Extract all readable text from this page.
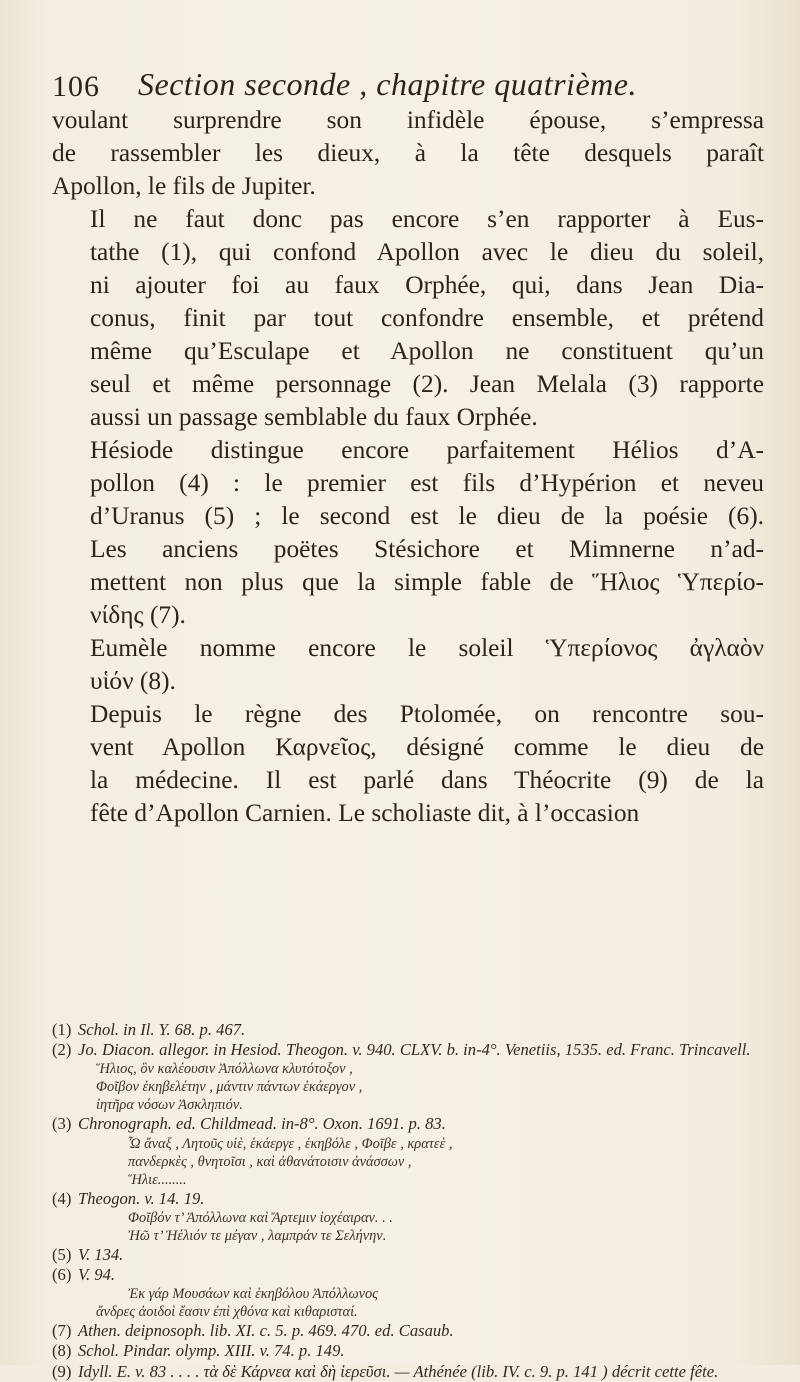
106 Section seconde , chapitre quatrième.

voulant surprendre son infidèle épouse, s’empressa
de rassembler les dieux, à la tête desquels paraît
Apollon, le fils de Jupiter.

Il ne faut donc pas encore s’en rapporter à Eus-
tathe (1), qui confond Apollon avec le dieu du soleil,
ni ajouter foi au faux Orphée, qui, dans Jean Dia-
conus, finit par tout confondre ensemble, et prétend
même qu’Esculape et Apollon ne constituent qu’un
seul et même personnage (2). Jean Melala (3) rapporte
aussi un passage semblable du faux Orphée.

Hésiode distingue encore parfaitement Hélios d’A-
pollon (4) : le premier est fils d’Hypérion et neveu
d’Uranus (5) ; le second est le dieu de la poésie (6).
Les anciens poëtes Stésichore et Mimnerne n’ad-
mettent non plus que la simple fable de Ἥλιος Ὑπερίο-
νίδης (7).

Eumèle nomme encore le soleil Ὑπερίονος ἀγλαὸν
υἱόν (8).

Depuis le règne des Ptolomée, on rencontre sou-
vent Apollon Καρνεῖος, désigné comme le dieu de
la médecine. Il est parlé dans Théocrite (9) de la
fête d’Apollon Carnien. Le scholiaste dit, à l’occasion

(1) Schol. in Il. Υ. 68. p. 467.

(2) Jo. Diacon. allegor. in Hesiod. Theogon. v. 940. CLXV. b. in-4°. Venetiis, 1535. ed. Franc. Trincavell.

Ἥλιος, ὃν καλέουσιν Ἀπόλλωνα κλυτότοξον ,

Φοῖβον ἑκηβελέτην , μάντιν πάντων ἑκάεργον ,

ἰητῆρα νόσων Ἀσκληπιόν.

(3) Chronograph. ed. Childmead. in-8°. Oxon. 1691. p. 83.

Ὦ ἄναξ , Λητοῦς υἱὲ, ἑκάεργε , ἑκηβόλε , Φοῖβε , κρατεὲ ,

πανδερκὲς , θνητοῖσι , καὶ ἀθανάτοισιν ἀνάσσων ,

Ἥλιε........

(4) Theogon. v. 14. 19.

Φοῖβόν τ’ Ἀπόλλωνα καὶ Ἄρτεμιν ἰοχέαιραν. . .

Ἠῶ τ’ Ἠέλιόν τε μέγαν , λαμπράν τε Σελήνην.

(5) V. 134.

(6) V. 94.

Ἐκ γάρ Μουσάων καὶ ἑκηβόλου Ἀπόλλωνος

ἄνδρες ἀοιδοὶ ἔασιν ἐπὶ χθόνα καὶ κιθαρισταί.

(7) Athen. deipnosoph. lib. XI. c. 5. p. 469. 470. ed. Casaub.

(8) Schol. Pindar. olymp. XIII. v. 74. p. 149.

(9) Idyll. E. v. 83 . . . . τὰ δὲ Κάρνεα καὶ δὴ ἱερεῦσι. — Athénée (lib. IV. c. 9. p. 141 ) décrit cette fête.
